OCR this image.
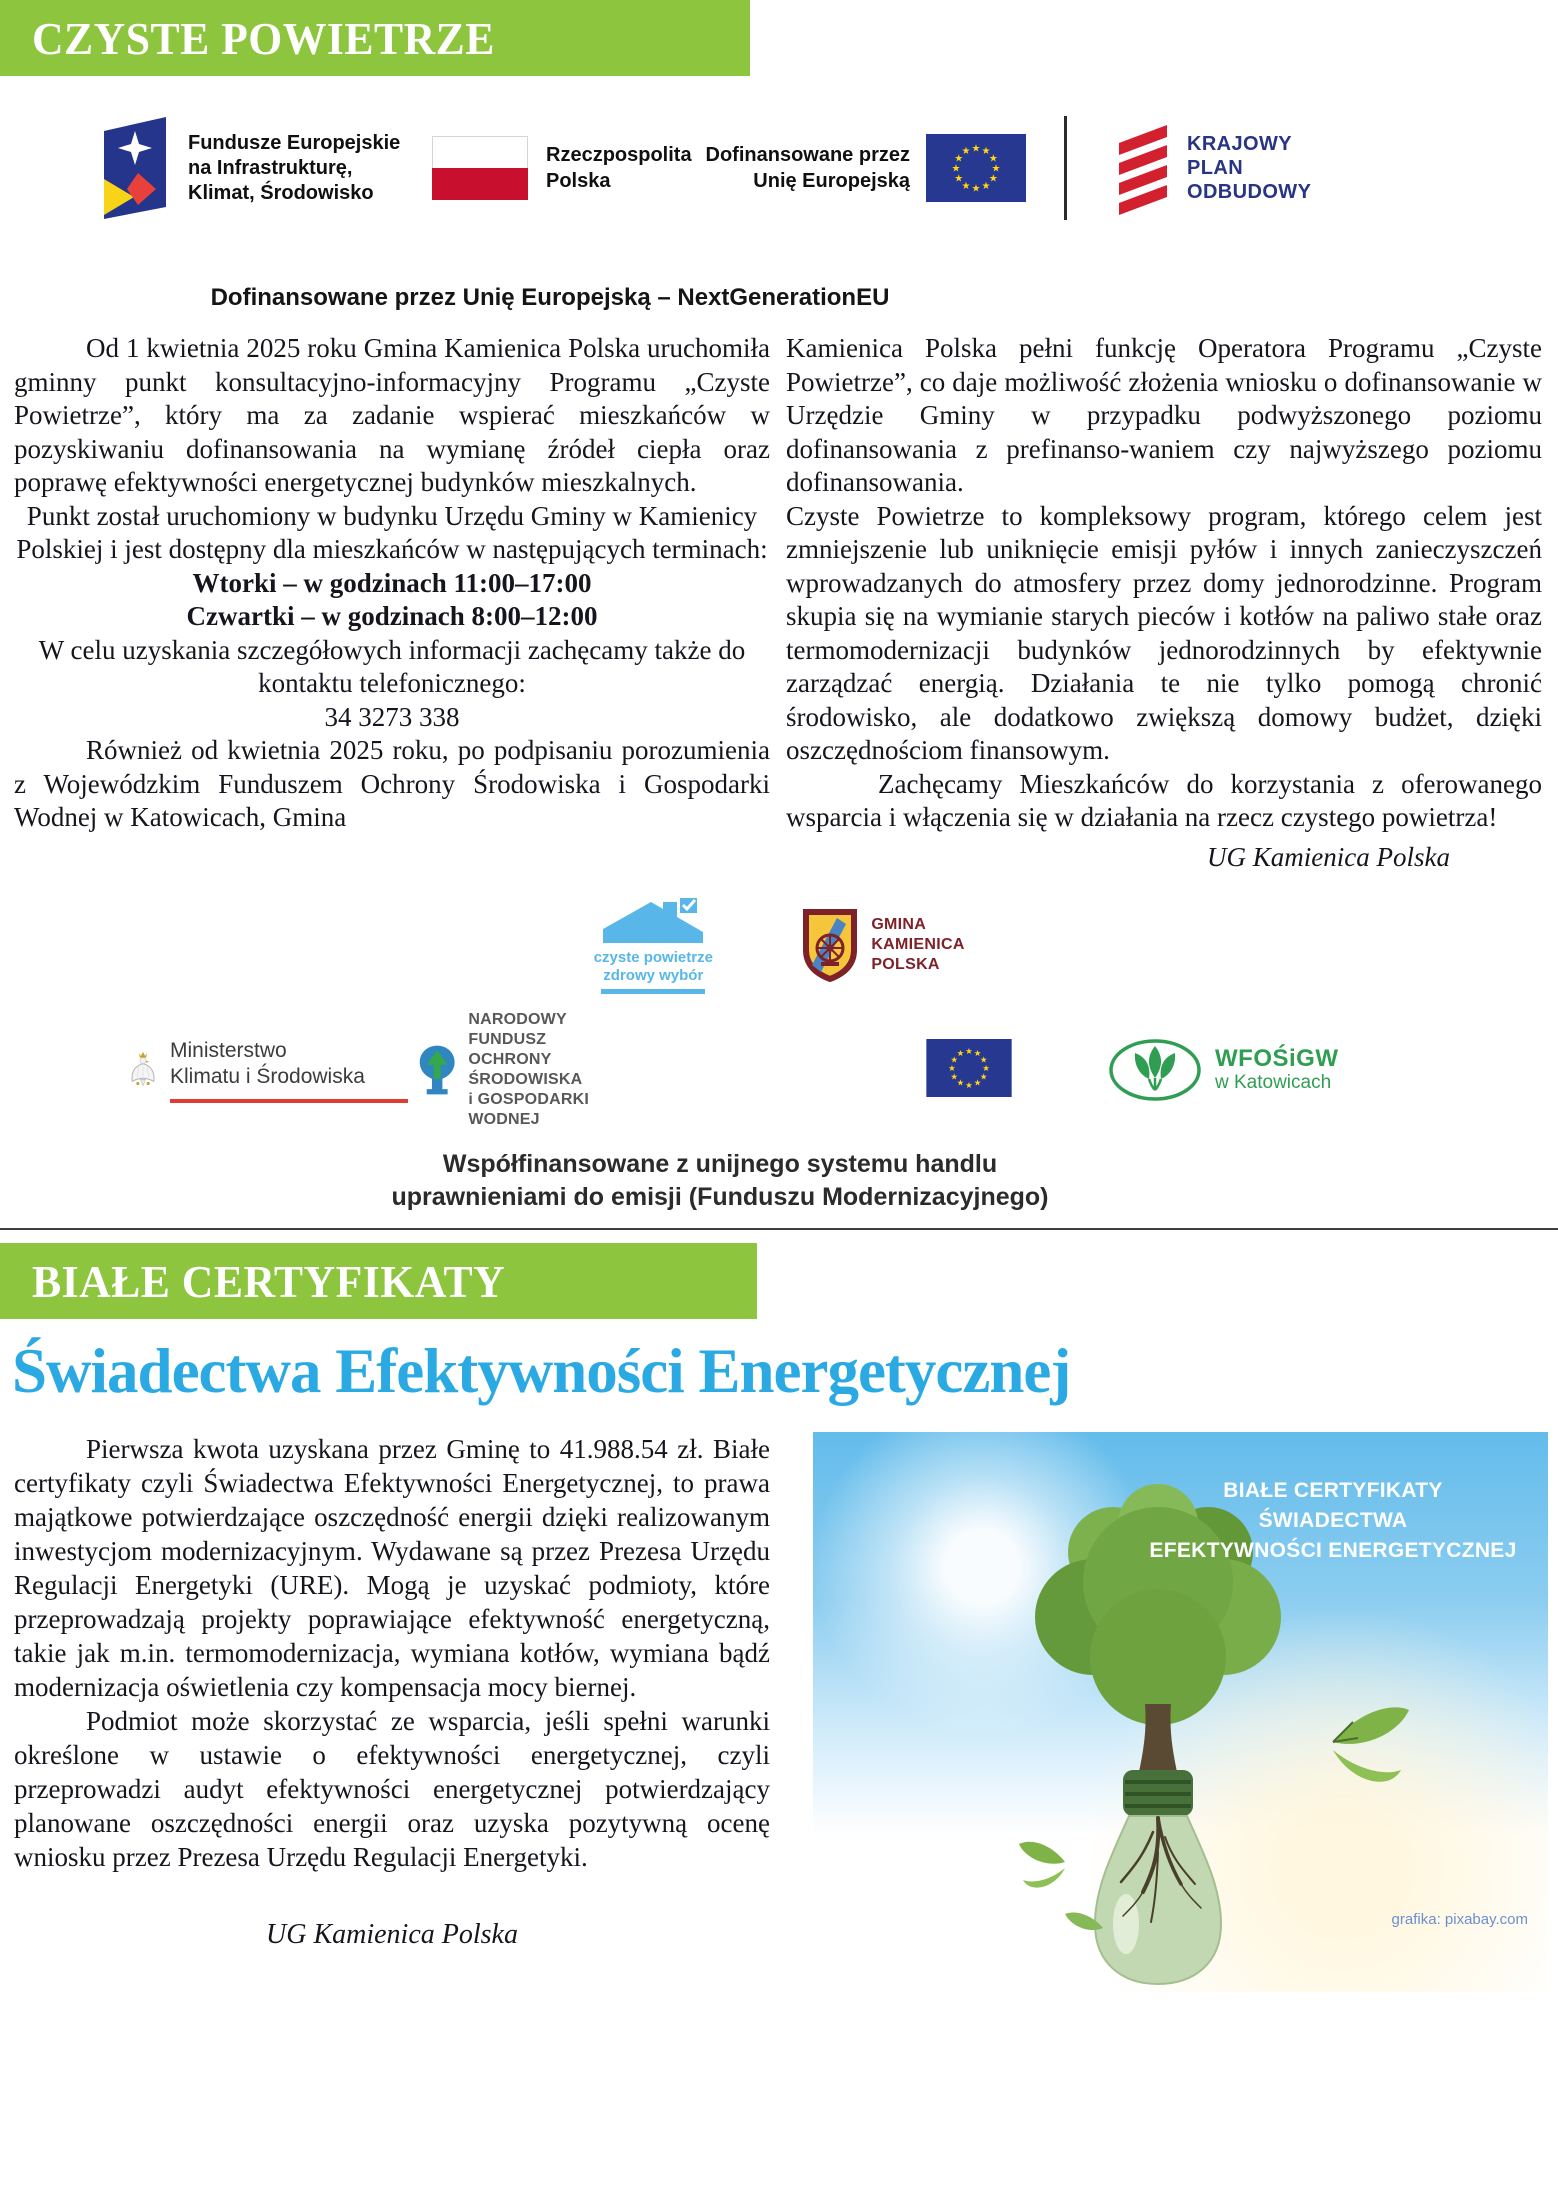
CZYSTE POWIETRZE
Fundusze Europejskie
na Infrastrukturę,
Klimat, Środowisko
Rzeczpospolita
Polska
Dofinansowane przez
Unię Europejską
★ ★
★
★
★
★
★
★
★
★
★
★	KRAJOWY
PLAN
ODBUDOWY
Dofinansowane przez Unię Europejską – NextGenerationEU

Od 1 kwietnia 2025 roku Gmina Kamienica Polska uruchomiła gminny punkt konsultacyjno-informacyjny Programu „Czyste Powietrze”, który ma za zadanie wspierać mieszkańców w pozyskiwaniu dofinansowania na wymianę źródeł ciepła oraz poprawę efektywności energetycznej budynków mieszkalnych.

Punkt został uruchomiony w budynku Urzędu Gminy w Kamienicy Polskiej i jest dostępny dla mieszkańców w następujących terminach:
Wtorki – w godzinach 11:00–17:00
Czwartki – w godzinach 8:00–12:00
W celu uzyskania szczegółowych informacji zachęcamy także do kontaktu telefonicznego:
34 3273 338

Również od kwietnia 2025 roku, po podpisaniu porozumienia z Wojewódzkim Funduszem Ochrony Środowiska i Gospodarki Wodnej w Katowicach, Gmina

Kamienica Polska pełni funkcję Operatora Programu „Czyste Powietrze”, co daje możliwość złożenia wniosku o dofinansowanie w Urzędzie Gminy w przypadku podwyższonego poziomu dofinansowania z prefinanso-waniem czy najwyższego poziomu dofinansowania.

Czyste Powietrze to kompleksowy program, którego celem jest zmniejszenie lub uniknięcie emisji pyłów i innych zanieczyszczeń wprowadzanych do atmosfery przez domy jednorodzinne. Program skupia się na wymianie starych pieców i kotłów na paliwo stałe oraz termomodernizacji budynków jednorodzinnych by efektywnie zarządzać energią. Działania te nie tylko pomogą chronić środowisko, ale dodatkowo zwiększą domowy budżet, dzięki oszczędnościom finansowym.

Zachęcamy Mieszkańców do korzystania z oferowanego wsparcia i włączenia się w działania na rzecz czystego powietrza!

UG Kamienica Polska
czyste powietrze
zdrowy wybór
GMINA
KAMIENICA
POLSKA
Ministerstwo
Klimatu i Środowiska
NARODOWY FUNDUSZ
OCHRONY ŚRODOWISKA
i GOSPODARKI WODNEJ
★ ★
★
★
★
★
★
★
★
★
★
★	WFOŚiGW
w Katowicach
Współfinansowane z unijnego systemu handlu
uprawnieniami do emisji (Funduszu Modernizacyjnego)
BIAŁE CERTYFIKATY
Świadectwa Efektywności Energetycznej

Pierwsza kwota uzyskana przez Gminę to 41.988.54 zł. Białe certyfikaty czyli Świadectwa Efektywności Energetycznej, to prawa majątkowe potwierdzające oszczędność energii dzięki realizowanym inwestycjom modernizacyjnym. Wydawane są przez Prezesa Urzędu Regulacji Energetyki (URE). Mogą je uzyskać podmioty, które przeprowadzają projekty poprawiające efektywność energetyczną, takie jak m.in. termomodernizacja, wymiana kotłów, wymiana bądź modernizacja oświetlenia czy kompensacja mocy biernej.

Podmiot może skorzystać ze wsparcia, jeśli spełni warunki określone w ustawie o efektywności energetycznej, czyli przeprowadzi audyt efektywności energetycznej potwierdzający planowane oszczędności energii oraz uzyska pozytywną ocenę wniosku przez Prezesa Urzędu Regulacji Energetyki.

UG Kamienica Polska
BIAŁE CERTYFIKATY
ŚWIADECTWA
EFEKTYWNOŚCI ENERGETYCZNEJ
grafika: pixabay.com
